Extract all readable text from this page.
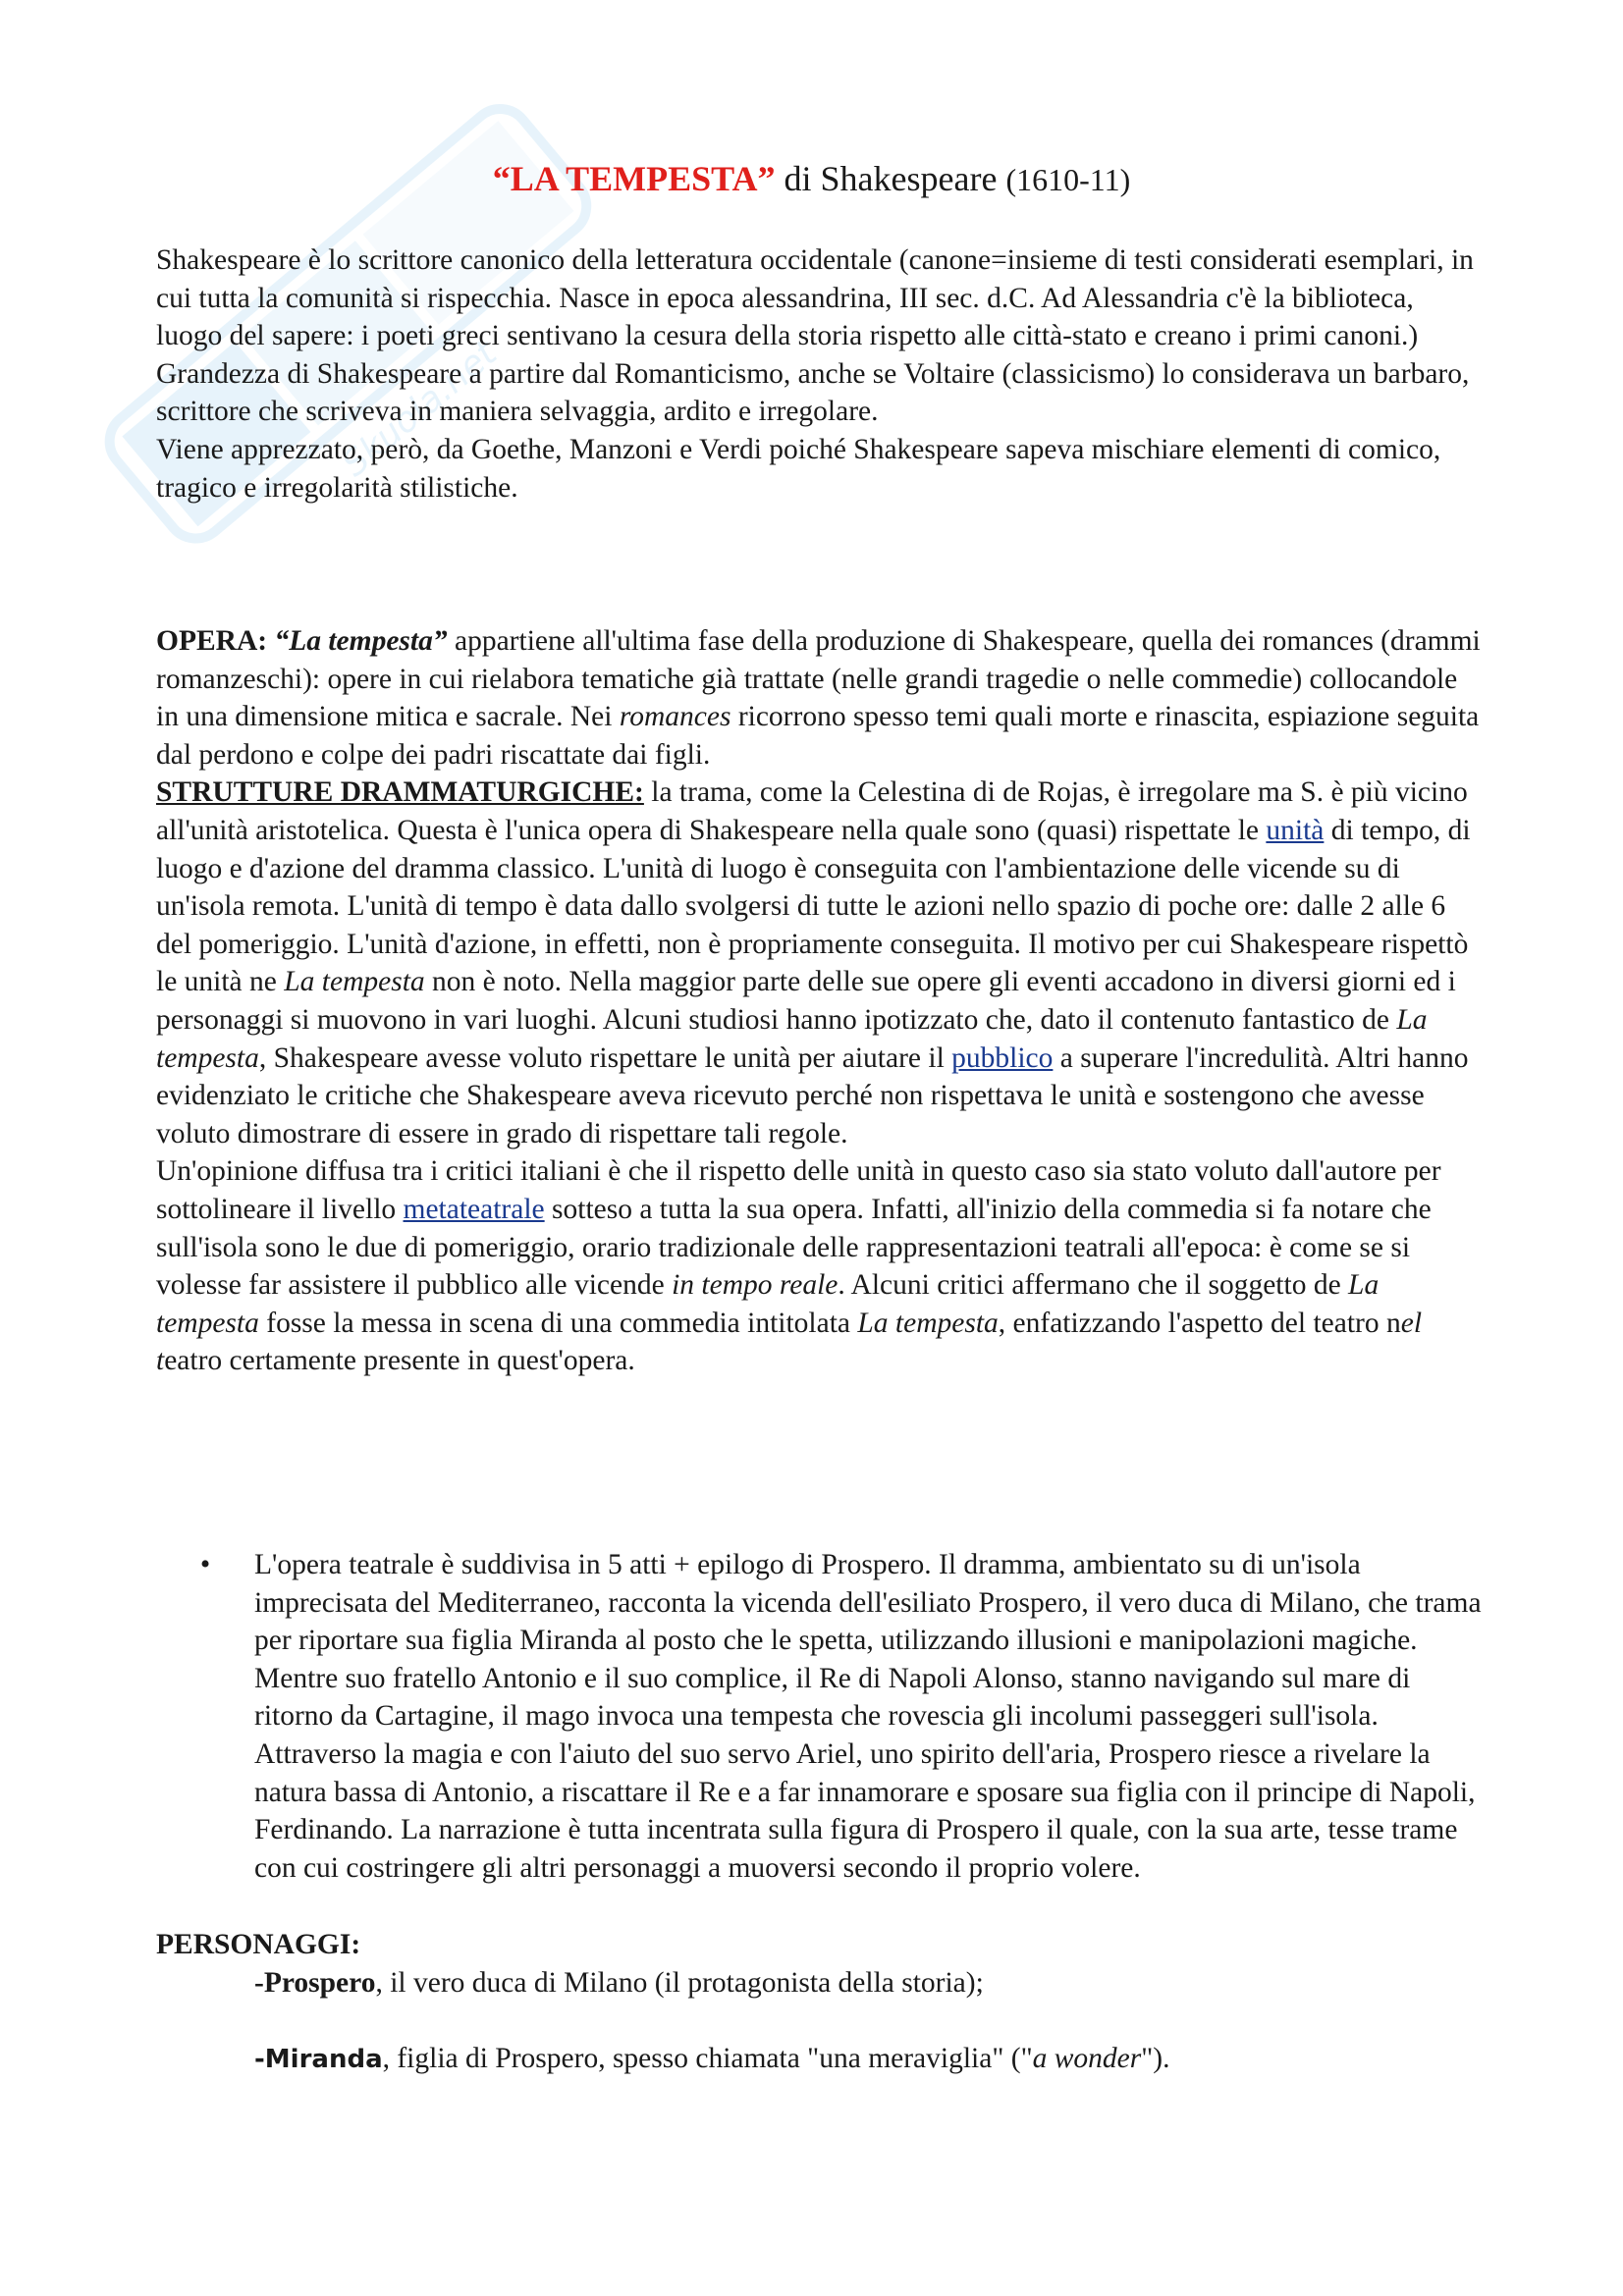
Skuola.net
“LA TEMPESTA” di Shakespeare (1610-11)

Shakespeare è lo scrittore canonico della letteratura occidentale (canone=insieme di testi considerati esemplari, in cui tutta la comunità si rispecchia. Nasce in epoca alessandrina, III sec. d.C. Ad Alessandria c'è la biblioteca, luogo del sapere: i poeti greci sentivano la cesura della storia rispetto alle città-stato e creano i primi canoni.)

Grandezza di Shakespeare a partire dal Romanticismo, anche se Voltaire (classicismo) lo considerava un barbaro, scrittore che scriveva in maniera selvaggia, ardito e irregolare.

Viene apprezzato, però, da Goethe, Manzoni e Verdi poiché Shakespeare sapeva mischiare elementi di comico, tragico e irregolarità stilistiche.

OPERA: “La tempesta” appartiene all'ultima fase della produzione di Shakespeare, quella dei romances (drammi romanzeschi): opere in cui rielabora tematiche già trattate (nelle grandi tragedie o nelle commedie) collocandole in una dimensione mitica e sacrale. Nei romances ricorrono spesso temi quali morte e rinascita, espiazione seguita dal perdono e colpe dei padri riscattate dai figli.

STRUTTURE DRAMMATURGICHE: la trama, come la Celestina di de Rojas, è irregolare ma S. è più vicino all'unità aristotelica. Questa è l'unica opera di Shakespeare nella quale sono (quasi) rispettate le unità di tempo, di luogo e d'azione del dramma classico. L'unità di luogo è conseguita con l'ambientazione delle vicende su di un'isola remota. L'unità di tempo è data dallo svolgersi di tutte le azioni nello spazio di poche ore: dalle 2 alle 6 del pomeriggio. L'unità d'azione, in effetti, non è propriamente conseguita. Il motivo per cui Shakespeare rispettò le unità ne La tempesta non è noto. Nella maggior parte delle sue opere gli eventi accadono in diversi giorni ed i personaggi si muovono in vari luoghi. Alcuni studiosi hanno ipotizzato che, dato il contenuto fantastico de La tempesta, Shakespeare avesse voluto rispettare le unità per aiutare il pubblico a superare l'incredulità. Altri hanno evidenziato le critiche che Shakespeare aveva ricevuto perché non rispettava le unità e sostengono che avesse voluto dimostrare di essere in grado di rispettare tali regole.

Un'opinione diffusa tra i critici italiani è che il rispetto delle unità in questo caso sia stato voluto dall'autore per sottolineare il livello metateatrale sotteso a tutta la sua opera. Infatti, all'inizio della commedia si fa notare che sull'isola sono le due di pomeriggio, orario tradizionale delle rappresentazioni teatrali all'epoca: è come se si volesse far assistere il pubblico alle vicende in tempo reale. Alcuni critici affermano che il soggetto de La tempesta fosse la messa in scena di una commedia intitolata La tempesta, enfatizzando l'aspetto del teatro nel teatro certamente presente in quest'opera.

•	L'opera teatrale è suddivisa in 5 atti + epilogo di Prospero. Il dramma, ambientato su di un'isola imprecisata del Mediterraneo, racconta la vicenda dell'esiliato Prospero, il vero duca di Milano, che trama per riportare sua figlia Miranda al posto che le spetta, utilizzando illusioni e manipolazioni magiche. Mentre suo fratello Antonio e il suo complice, il Re di Napoli Alonso, stanno navigando sul mare di ritorno da Cartagine, il mago invoca una tempesta che rovescia gli incolumi passeggeri sull'isola. Attraverso la magia e con l'aiuto del suo servo Ariel, uno spirito dell'aria, Prospero riesce a rivelare la natura bassa di Antonio, a riscattare il Re e a far innamorare e sposare sua figlia con il principe di Napoli, Ferdinando. La narrazione è tutta incentrata sulla figura di Prospero il quale, con la sua arte, tesse trame con cui costringere gli altri personaggi a muoversi secondo il proprio volere.

PERSONAGGI:

-Prospero, il vero duca di Milano (il protagonista della storia);

-Miranda, figlia di Prospero, spesso chiamata "una meraviglia" ("a wonder").
